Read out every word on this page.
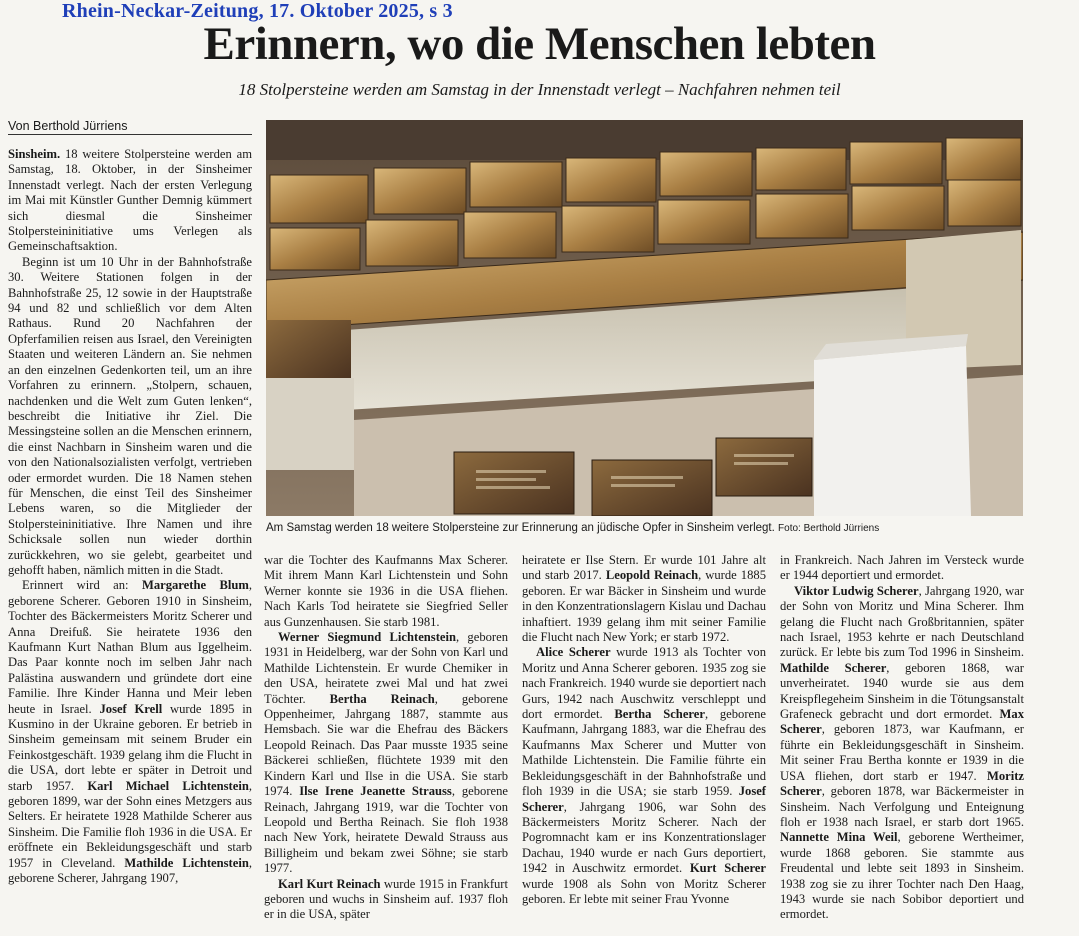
Rhein-Neckar-Zeitung, 17. Oktober 2025, s 3
Erinnern, wo die Menschen lebten
18 Stolpersteine werden am Samstag in der Innenstadt verlegt – Nachfahren nehmen teil
Von Berthold Jürriens

Sinsheim. 18 weitere Stolpersteine werden am Samstag, 18. Oktober, in der Sinsheimer Innenstadt verlegt. Nach der ersten Verlegung im Mai mit Künstler Gunther Demnig kümmert sich diesmal die Sinsheimer Stolpersteininitiative ums Verlegen als Gemeinschaftsaktion.

Beginn ist um 10 Uhr in der Bahnhofstraße 30. Weitere Stationen folgen in der Bahnhofstraße 25, 12 sowie in der Hauptstraße 94 und 82 und schließlich vor dem Alten Rathaus. Rund 20 Nachfahren der Opferfamilien reisen aus Israel, den Vereinigten Staaten und weiteren Ländern an. Sie nehmen an den einzelnen Gedenkorten teil, um an ihre Vorfahren zu erinnern. „Stolpern, schauen, nachdenken und die Welt zum Guten lenken“, beschreibt die Initiative ihr Ziel. Die Messingsteine sollen an die Menschen erinnern, die einst Nachbarn in Sinsheim waren und die von den Nationalsozialisten verfolgt, vertrieben oder ermordet wurden. Die 18 Namen stehen für Menschen, die einst Teil des Sinsheimer Lebens waren, so die Mitglieder der Stolpersteininitiative. Ihre Namen und ihre Schicksale sollen nun wieder dorthin zurückkehren, wo sie gelebt, gearbeitet und gehofft haben, nämlich mitten in die Stadt.

Erinnert wird an: Margarethe Blum, geborene Scherer. Geboren 1910 in Sinsheim, Tochter des Bäckermeisters Moritz Scherer und Anna Dreifuß. Sie heiratete 1936 den Kaufmann Kurt Nathan Blum aus Iggelheim. Das Paar konnte noch im selben Jahr nach Palästina auswandern und gründete dort eine Familie. Ihre Kinder Hanna und Meir leben heute in Israel. Josef Krell wurde 1895 in Kusmino in der Ukraine geboren. Er betrieb in Sinsheim gemeinsam mit seinem Bruder ein Feinkostgeschäft. 1939 gelang ihm die Flucht in die USA, dort lebte er später in Detroit und starb 1957. Karl Michael Lichtenstein, geboren 1899, war der Sohn eines Metzgers aus Selters. Er heiratete 1928 Mathilde Scherer aus Sinsheim. Die Familie floh 1936 in die USA. Er eröffnete ein Bekleidungsgeschäft und starb 1957 in Cleveland. Mathilde Lichtenstein, geborene Scherer, Jahrgang 1907,

Am Samstag werden 18 weitere Stolpersteine zur Erinnerung an jüdische Opfer in Sinsheim verlegt. Foto: Berthold Jürriens

war die Tochter des Kaufmanns Max Scherer. Mit ihrem Mann Karl Lichtenstein und Sohn Werner konnte sie 1936 in die USA fliehen. Nach Karls Tod heiratete sie Siegfried Seller aus Gunzenhausen. Sie starb 1981.

Werner Siegmund Lichtenstein, geboren 1931 in Heidelberg, war der Sohn von Karl und Mathilde Lichtenstein. Er wurde Chemiker in den USA, heiratete zwei Mal und hat zwei Töchter. Bertha Reinach, geborene Oppenheimer, Jahrgang 1887, stammte aus Hemsbach. Sie war die Ehefrau des Bäckers Leopold Reinach. Das Paar musste 1935 seine Bäckerei schließen, flüchtete 1939 mit den Kindern Karl und Ilse in die USA. Sie starb 1974. Ilse Irene Jeanette Strauss, geborene Reinach, Jahrgang 1919, war die Tochter von Leopold und Bertha Reinach. Sie floh 1938 nach New York, heiratete Dewald Strauss aus Billigheim und bekam zwei Söhne; sie starb 1977.

Karl Kurt Reinach wurde 1915 in Frankfurt geboren und wuchs in Sinsheim auf. 1937 floh er in die USA, später

heiratete er Ilse Stern. Er wurde 101 Jahre alt und starb 2017. Leopold Reinach, wurde 1885 geboren. Er war Bäcker in Sinsheim und wurde in den Konzentrationslagern Kislau und Dachau inhaftiert. 1939 gelang ihm mit seiner Familie die Flucht nach New York; er starb 1972.

Alice Scherer wurde 1913 als Tochter von Moritz und Anna Scherer geboren. 1935 zog sie nach Frankreich. 1940 wurde sie deportiert nach Gurs, 1942 nach Auschwitz verschleppt und dort ermordet. Bertha Scherer, geborene Kaufmann, Jahrgang 1883, war die Ehefrau des Kaufmanns Max Scherer und Mutter von Mathilde Lichtenstein. Die Familie führte ein Bekleidungsgeschäft in der Bahnhofstraße und floh 1939 in die USA; sie starb 1959. Josef Scherer, Jahrgang 1906, war Sohn des Bäckermeisters Moritz Scherer. Nach der Pogromnacht kam er ins Konzentrationslager Dachau, 1940 wurde er nach Gurs deportiert, 1942 in Auschwitz ermordet. Kurt Scherer wurde 1908 als Sohn von Moritz Scherer geboren. Er lebte mit seiner Frau Yvonne

in Frankreich. Nach Jahren im Versteck wurde er 1944 deportiert und ermordet.

Viktor Ludwig Scherer, Jahrgang 1920, war der Sohn von Moritz und Mina Scherer. Ihm gelang die Flucht nach Großbritannien, später nach Israel, 1953 kehrte er nach Deutschland zurück. Er lebte bis zum Tod 1996 in Sinsheim. Mathilde Scherer, geboren 1868, war unverheiratet. 1940 wurde sie aus dem Kreispflegeheim Sinsheim in die Tötungsanstalt Grafeneck gebracht und dort ermordet. Max Scherer, geboren 1873, war Kaufmann, er führte ein Bekleidungsgeschäft in Sinsheim. Mit seiner Frau Bertha konnte er 1939 in die USA fliehen, dort starb er 1947. Moritz Scherer, geboren 1878, war Bäckermeister in Sinsheim. Nach Verfolgung und Enteignung floh er 1938 nach Israel, er starb dort 1965. Nannette Mina Weil, geborene Wertheimer, wurde 1868 geboren. Sie stammte aus Freudental und lebte seit 1893 in Sinsheim. 1938 zog sie zu ihrer Tochter nach Den Haag, 1943 wurde sie nach Sobibor deportiert und ermordet.
